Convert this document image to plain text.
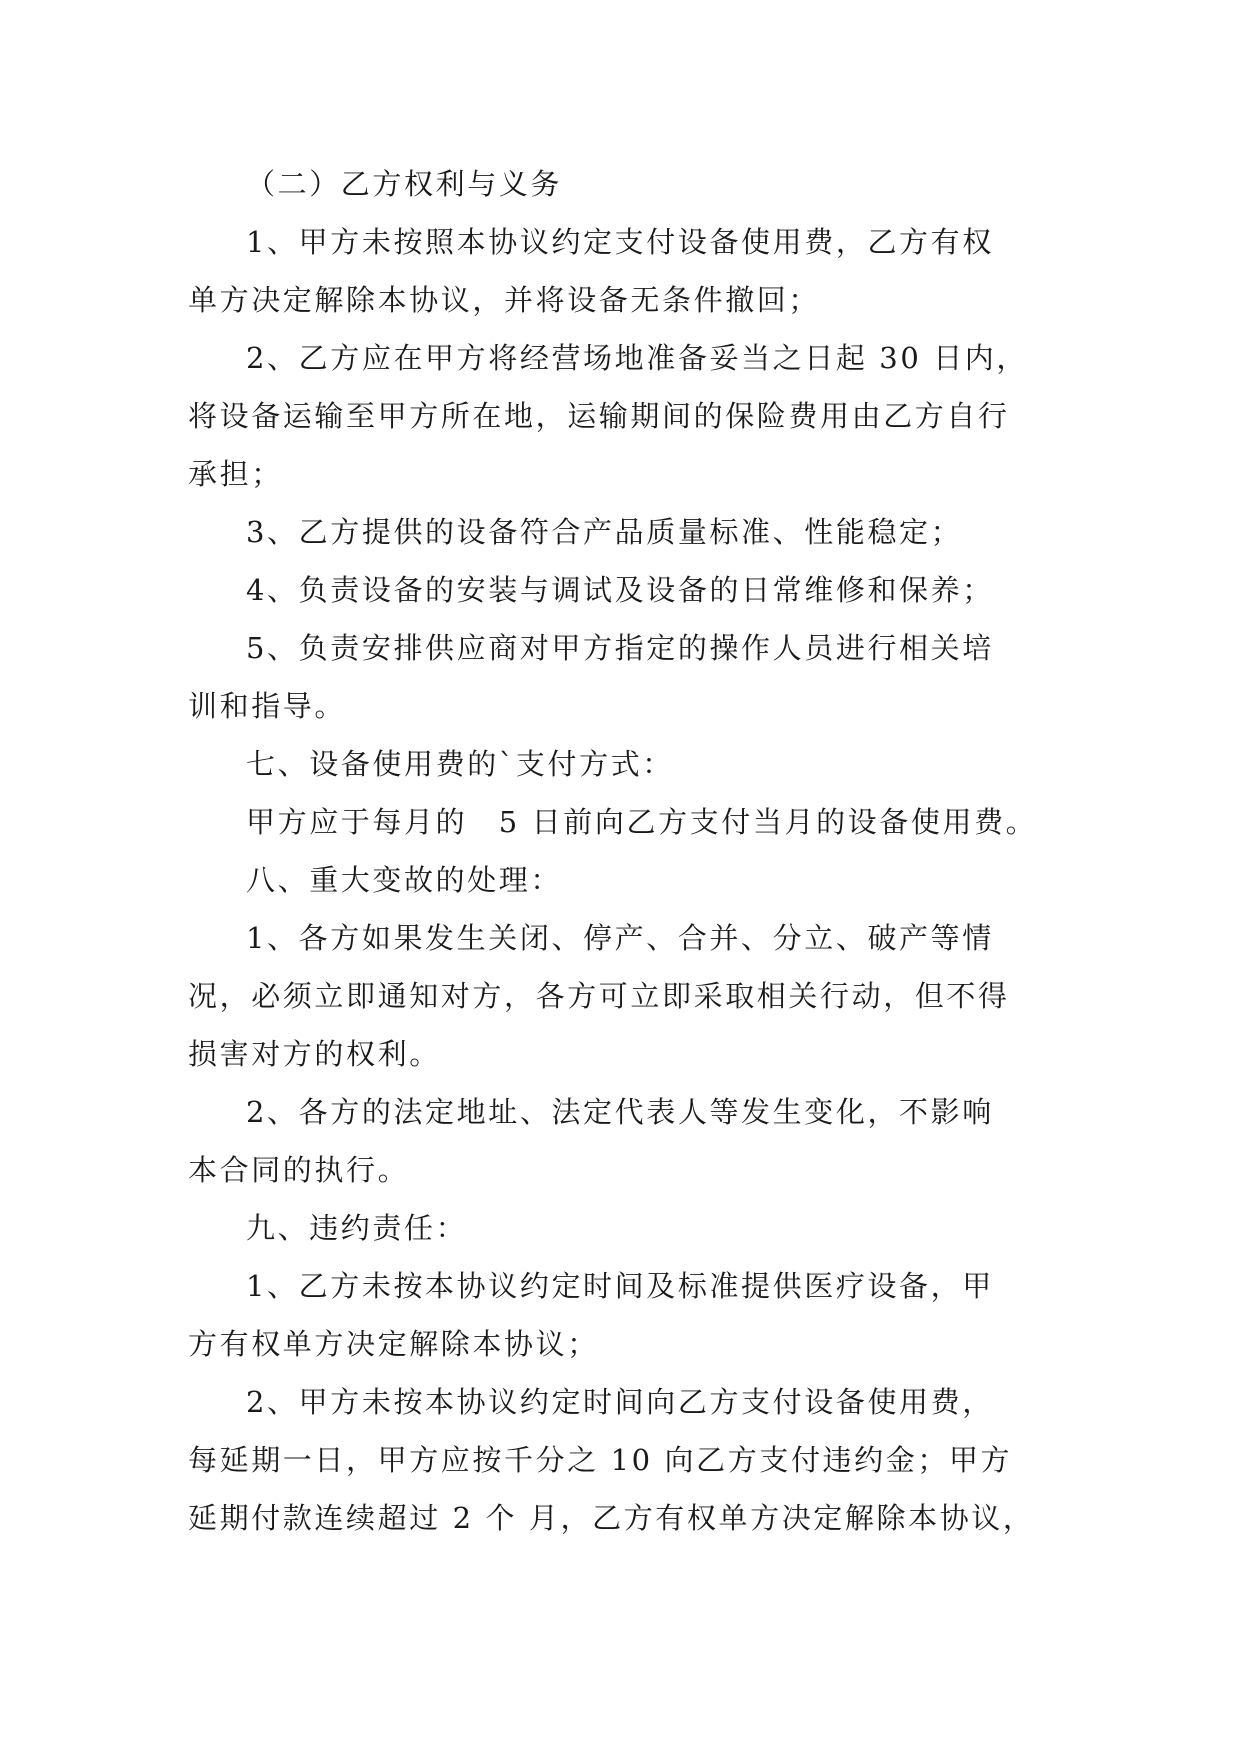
（二）乙方权利与义务
1、甲方未按照本协议约定支付设备使用费，乙方有权
单方决定解除本协议，并将设备无条件撤回；
2、乙方应在甲方将经营场地准备妥当之日起 30 日内，
将设备运输至甲方所在地，运输期间的保险费用由乙方自行
承担；
3、乙方提供的设备符合产品质量标准、性能稳定；
4、负责设备的安装与调试及设备的日常维修和保养；
5、负责安排供应商对甲方指定的操作人员进行相关培
训和指导。
七、设备使用费的`支付方式：
甲方应于每月的　5 日前向乙方支付当月的设备使用费。
八、重大变故的处理：
1、各方如果发生关闭、停产、合并、分立、破产等情
况，必须立即通知对方，各方可立即采取相关行动，但不得
损害对方的权利。
2、各方的法定地址、法定代表人等发生变化，不影响
本合同的执行。
九、违约责任：
1、乙方未按本协议约定时间及标准提供医疗设备，甲
方有权单方决定解除本协议；
2、甲方未按本协议约定时间向乙方支付设备使用费，
每延期一日，甲方应按千分之 10 向乙方支付违约金；甲方
延期付款连续超过 2 个 月，乙方有权单方决定解除本协议，
